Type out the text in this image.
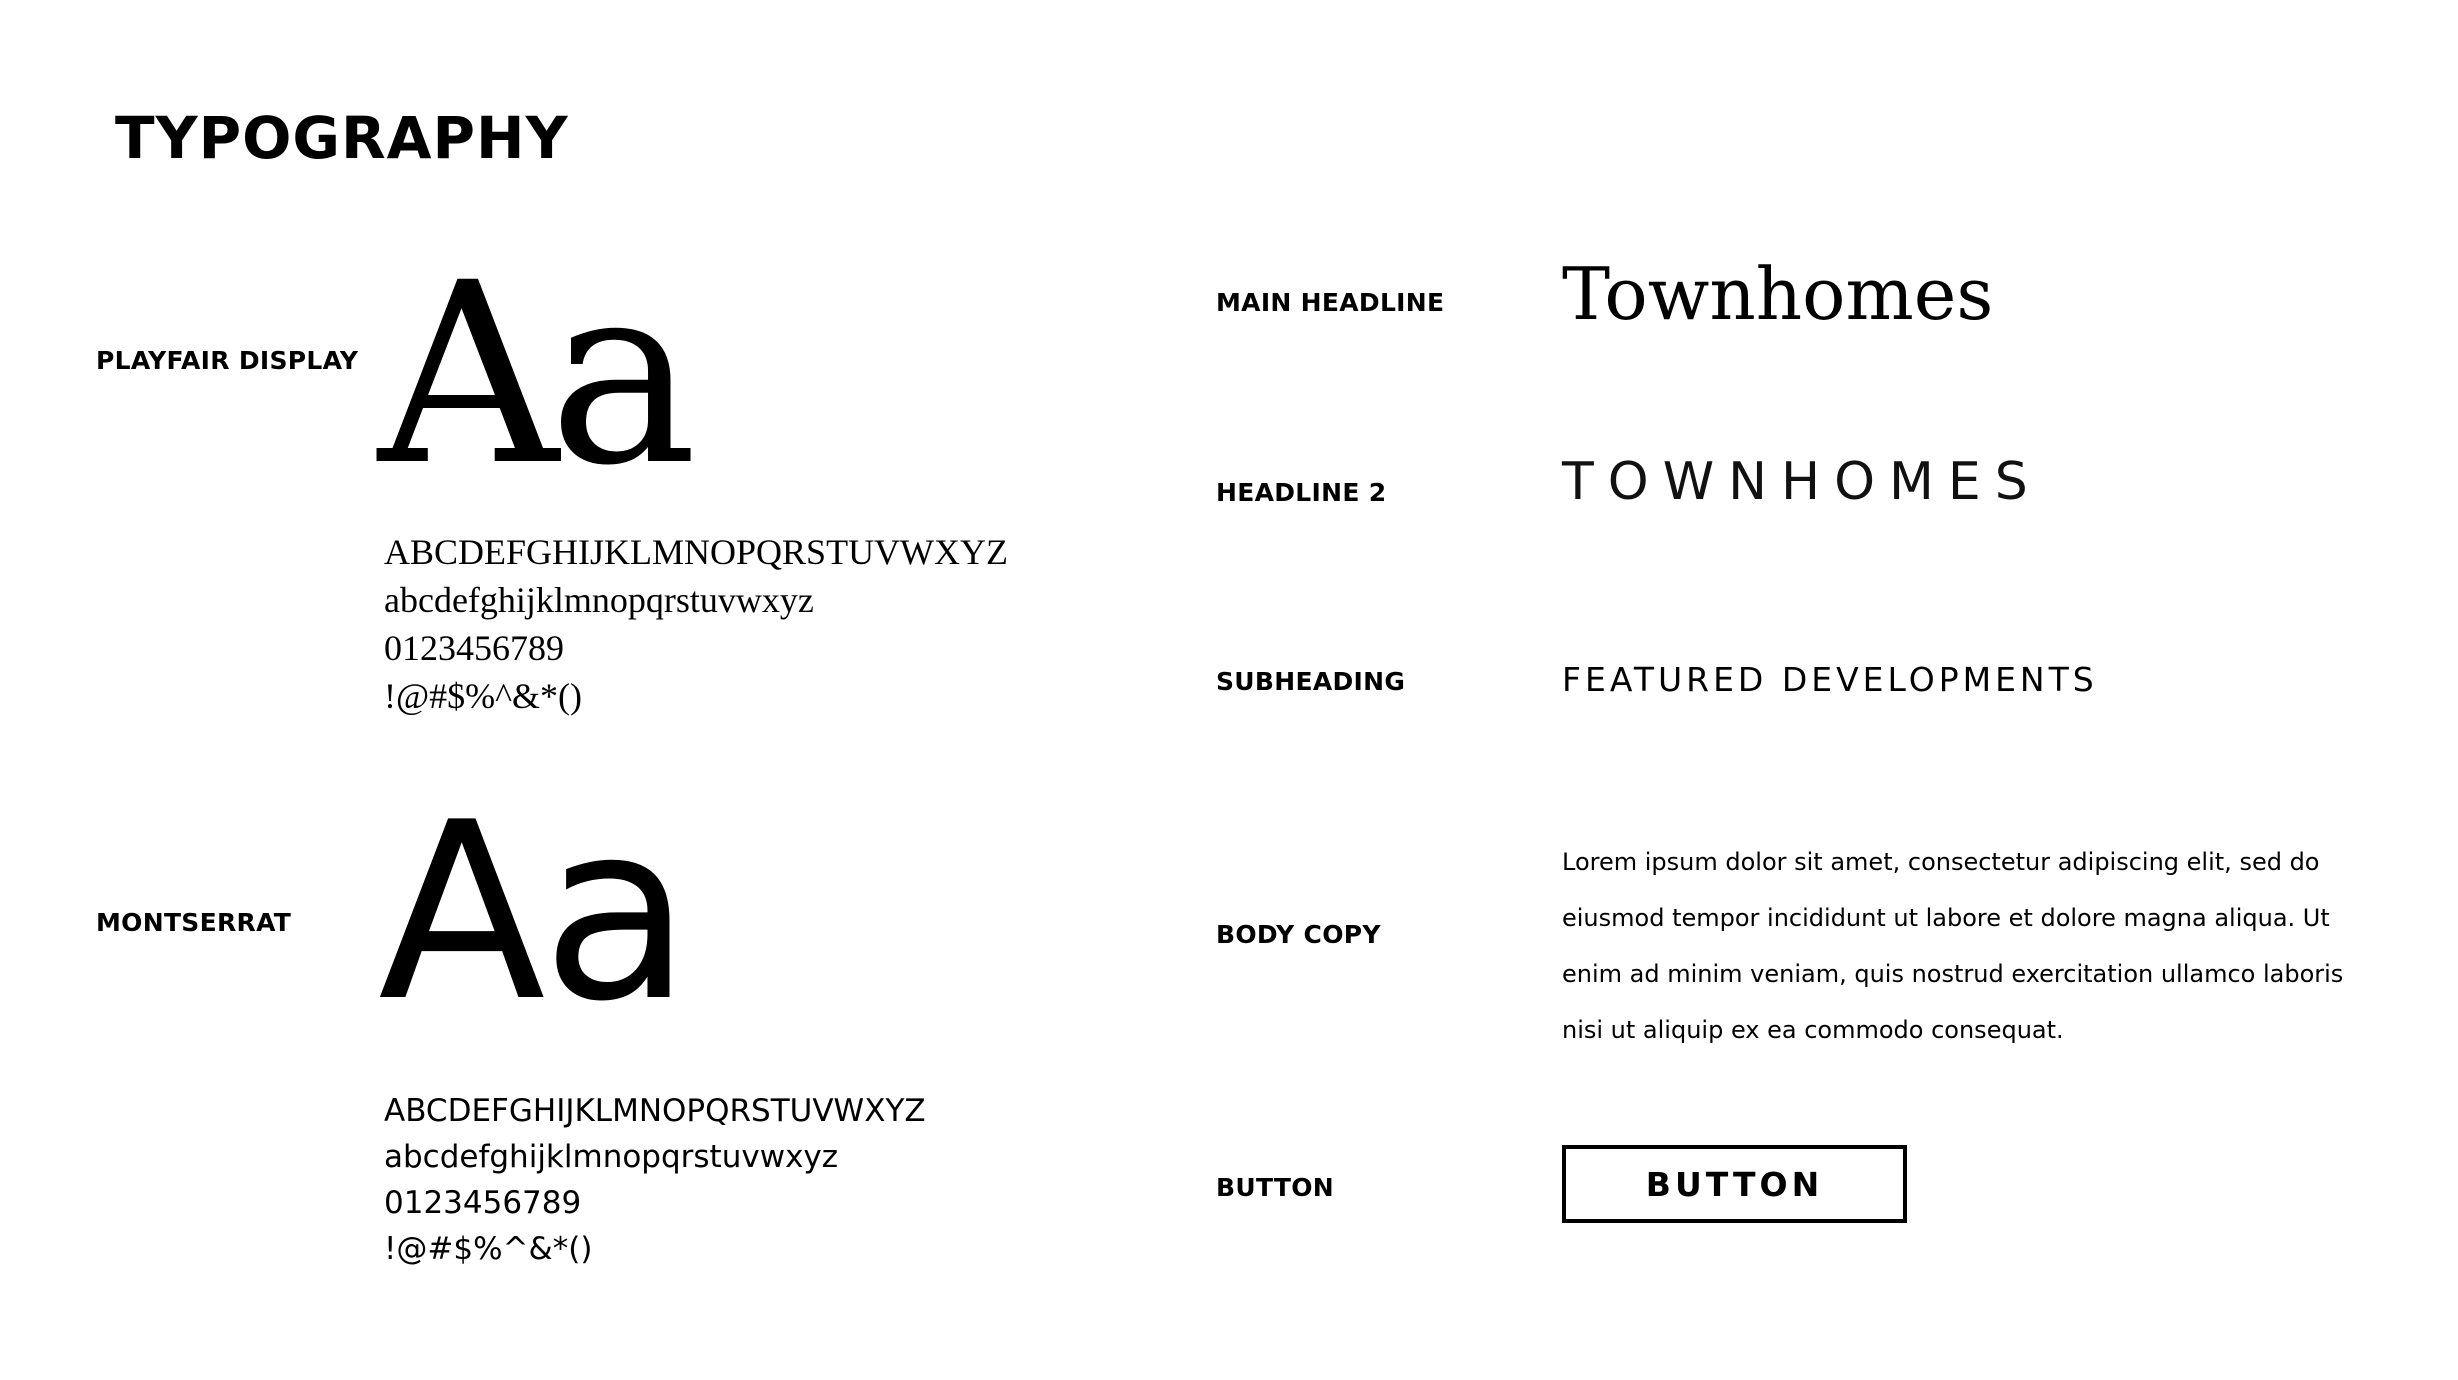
TYPOGRAPHY
PLAYFAIR DISPLAY Aa
ABCDEFGHIJKLMNOPQRSTUVWXYZ
abcdefghijklmnopqrstuvwxyz
0123456789
!@#$%^&*()
MONTSERRAT Aa
ABCDEFGHIJKLMNOPQRSTUVWXYZ
abcdefghijklmnopqrstuvwxyz
0123456789
!@#$%^&*()
MAIN HEADLINE
HEADLINE 2
SUBHEADING
BODY COPY
BUTTON
Townhomes
TOWNHOMES
FEATURED DEVELOPMENTS
Lorem ipsum dolor sit amet, consectetur adipiscing elit, sed do eiusmod tempor incididunt ut labore et dolore magna aliqua. Ut enim ad minim veniam, quis nostrud exercitation ullamco laboris nisi ut aliquip ex ea commodo consequat.
BUTTON
